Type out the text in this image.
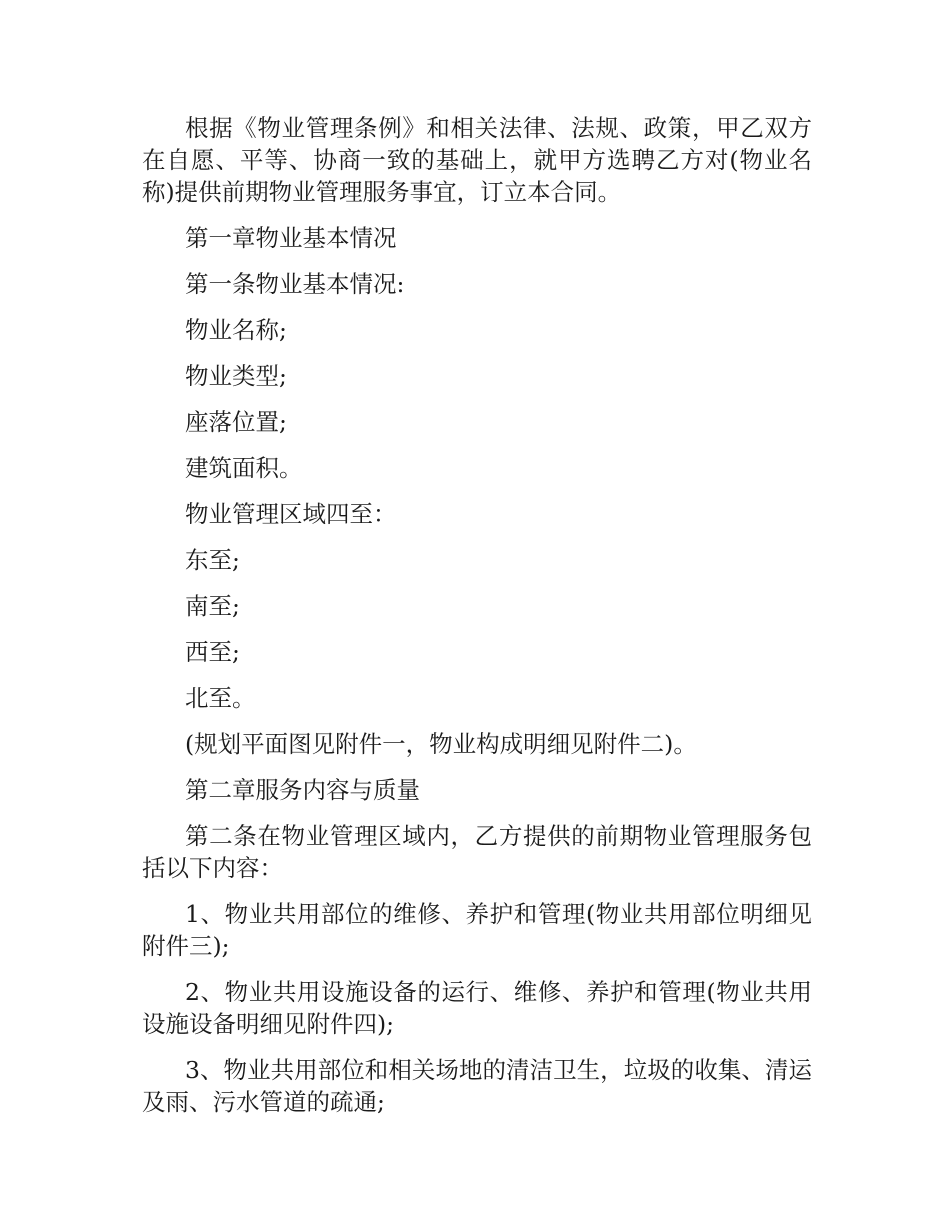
根据《物业管理条例》和相关法律、法规、政策，甲乙双方在自愿、平等、协商一致的基础上，就甲方选聘乙方对(物业名称)提供前期物业管理服务事宜，订立本合同。

第一章物业基本情况

第一条物业基本情况:

物业名称;

物业类型;

座落位置;

建筑面积。

物业管理区域四至：

东至;

南至;

西至;

北至。

(规划平面图见附件一，物业构成明细见附件二)。

第二章服务内容与质量

第二条在物业管理区域内，乙方提供的前期物业管理服务包括以下内容：

1、物业共用部位的维修、养护和管理(物业共用部位明细见附件三);

2、物业共用设施设备的运行、维修、养护和管理(物业共用设施设备明细见附件四);

3、物业共用部位和相关场地的清洁卫生，垃圾的收集、清运及雨、污水管道的疏通;
